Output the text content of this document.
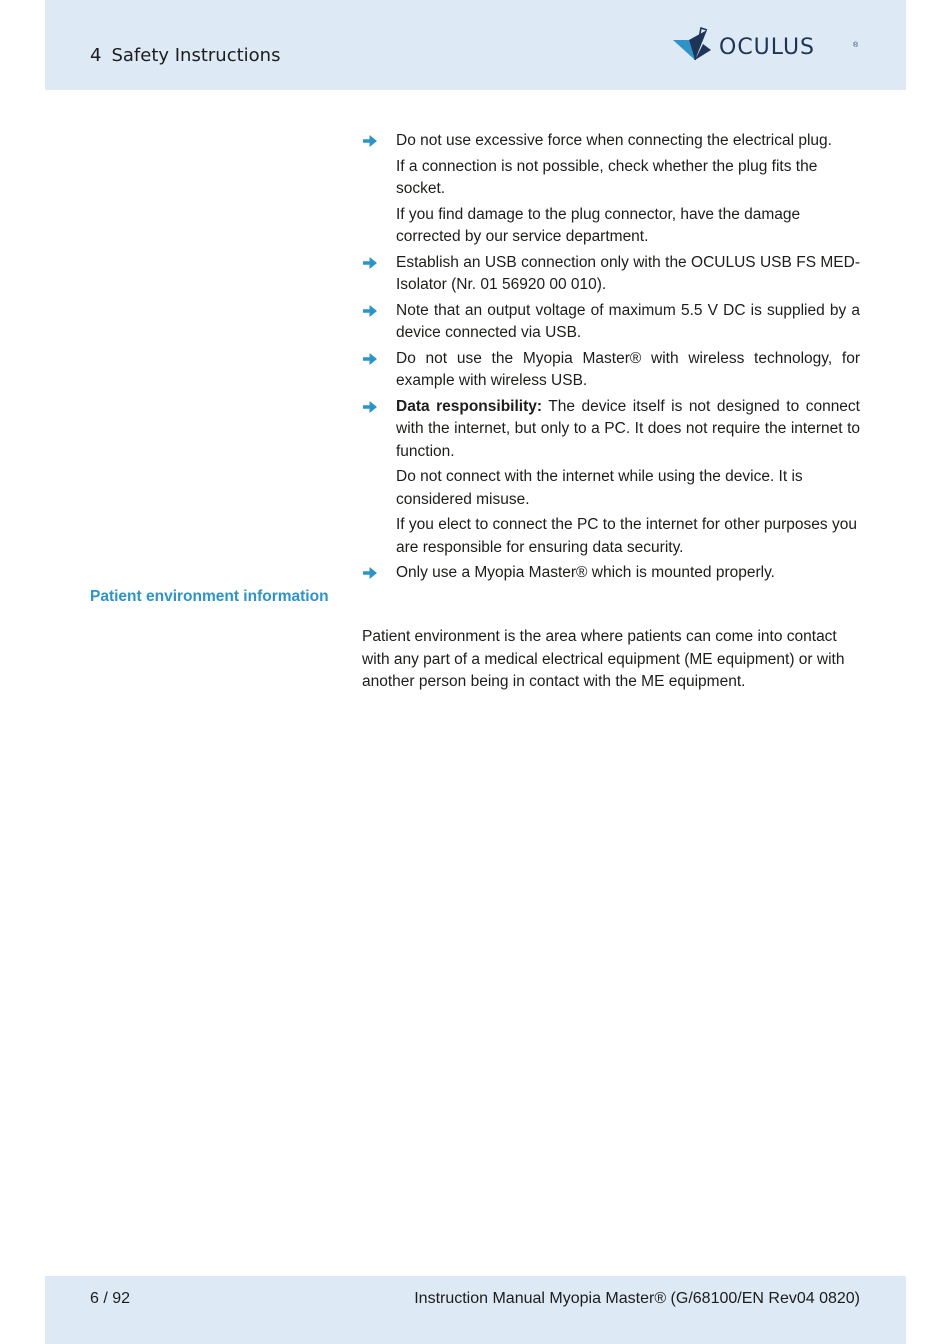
4 Safety Instructions	OCULUS	®
Do not use excessive force when connecting the electrical plug.
If a connection is not possible, check whether the plug fits the socket.
If you find damage to the plug connector, have the damage corrected by our service department.
Establish an USB connection only with the OCULUS USB FS MED-Isolator (Nr. 01 56920 00 010).
Note that an output voltage of maximum 5.5 V DC is supplied by a device connected via USB.
Do not use the Myopia Master® with wireless technology, for example with wireless USB.
Data responsibility: The device itself is not designed to connect with the internet, but only to a PC. It does not require the internet to function.
Do not connect with the internet while using the device. It is considered misuse.
If you elect to connect the PC to the internet for other purposes you are responsible for ensuring data security.
Only use a Myopia Master® which is mounted properly.
Patient environment information
Patient environment is the area where patients can come into contact with any part of a medical electrical equipment (ME equipment) or with another person being in contact with the ME equipment.
6 / 92	Instruction Manual Myopia Master® (G/68100/EN Rev04 0820)
